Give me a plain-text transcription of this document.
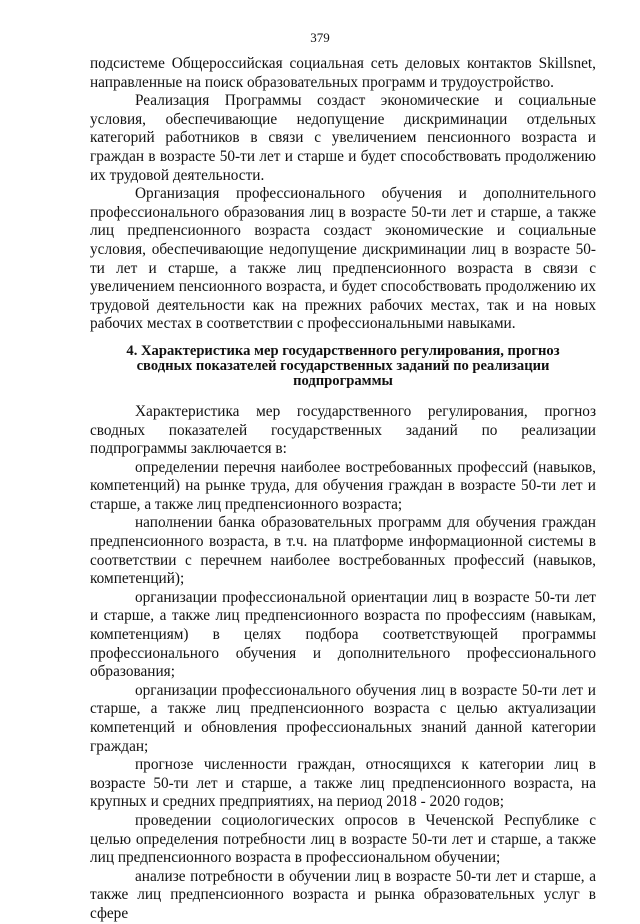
379

подсистеме Общероссийская социальная сеть деловых контактов Skillsnet, направленные на поиск образовательных программ и трудоустройство.

Реализация Программы создаст экономические и социальные условия, обеспечивающие недопущение дискриминации отдельных категорий работников в связи с увеличением пенсионного возраста и граждан в возрасте 50-ти лет и старше и будет способствовать продолжению их трудовой деятельности.

Организация профессионального обучения и дополнительного профессионального образования лиц в возрасте 50-ти лет и старше, а также лиц предпенсионного возраста создаст экономические и социальные условия, обеспечивающие недопущение дискриминации лиц в возрасте 50-ти лет и старше, а также лиц предпенсионного возраста в связи с увеличением пенсионного возраста, и будет способствовать продолжению их трудовой деятельности как на прежних рабочих местах, так и на новых рабочих местах в соответствии с профессиональными навыками.

4. Характеристика мер государственного регулирования, прогноз
сводных показателей государственных заданий по реализации
подпрограммы

Характеристика мер государственного регулирования, прогноз сводных показателей государственных заданий по реализации подпрограммы заключается в:

определении перечня наиболее востребованных профессий (навыков, компетенций) на рынке труда, для обучения граждан в возрасте 50-ти лет и старше, а также лиц предпенсионного возраста;

наполнении банка образовательных программ для обучения граждан предпенсионного возраста, в т.ч. на платформе информационной системы в соответствии с перечнем наиболее востребованных профессий (навыков, компетенций);

организации профессиональной ориентации лиц в возрасте 50-ти лет и старше, а также лиц предпенсионного возраста по профессиям (навыкам, компетенциям) в целях подбора соответствующей программы профессионального обучения и дополнительного профессионального образования;

организации профессионального обучения лиц в возрасте 50-ти лет и старше, а также лиц предпенсионного возраста с целью актуализации компетенций и обновления профессиональных знаний данной категории граждан;

прогнозе численности граждан, относящихся к категории лиц в возрасте 50-ти лет и старше, а также лиц предпенсионного возраста, на крупных и средних предприятиях, на период 2018 - 2020 годов;

проведении социологических опросов в Чеченской Республике с целью определения потребности лиц в возрасте 50-ти лет и старше, а также лиц предпенсионного возраста в профессиональном обучении;

анализе потребности в обучении лиц в возрасте 50-ти лет и старше, а также лиц предпенсионного возраста и рынка образовательных услуг в сфере
